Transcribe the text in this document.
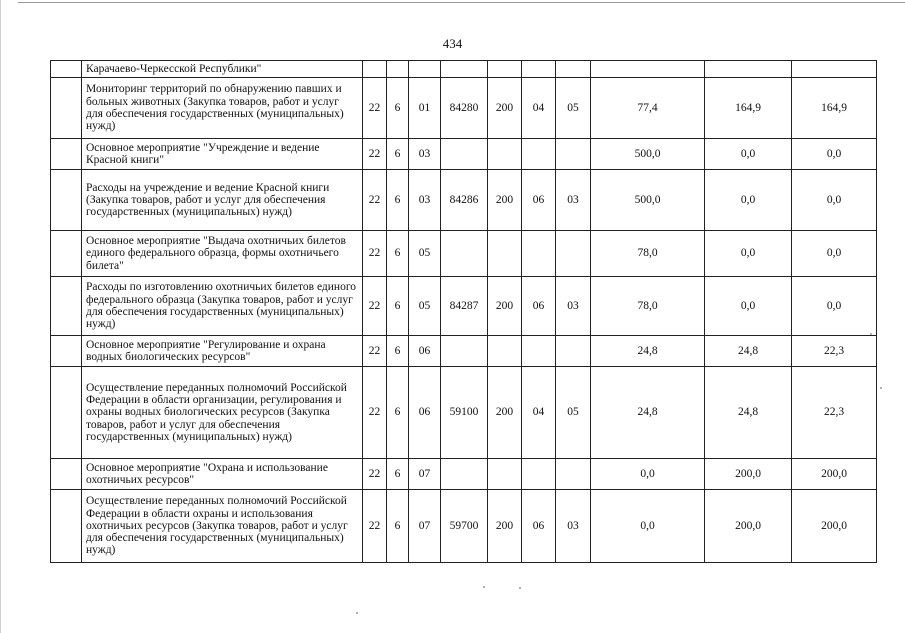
434
	Карачаево-Черкесской Республики"										
	Мониторинг территорий по обнаружению павших и больных животных (Закупка товаров, работ и услуг для обеспечения государственных (муниципальных) нужд)	22	6	01	84280	200	04	05	77,4	164,9	164,9
	Основное мероприятие "Учреждение и ведение Красной книги"	22	6	03					500,0	0,0	0,0
	Расходы на учреждение и ведение Красной книги (Закупка товаров, работ и услуг для обеспечения государственных (муниципальных) нужд)	22	6	03	84286	200	06	03	500,0	0,0	0,0
	Основное мероприятие "Выдача охотничьих билетов единого федерального образца, формы охотничьего билета"	22	6	05					78,0	0,0	0,0
	Расходы по изготовлению охотничьих билетов единого федерального образца (Закупка товаров, работ и услуг для обеспечения государственных (муниципальных) нужд)	22	6	05	84287	200	06	03	78,0	0,0	0,0
	Основное мероприятие "Регулирование и охрана водных биологических ресурсов"	22	6	06					24,8	24,8	22,3
	Осуществление переданных полномочий Российской Федерации в области организации, регулирования и охраны водных биологических ресурсов (Закупка товаров, работ и услуг для обеспечения государственных (муниципальных) нужд)	22	6	06	59100	200	04	05	24,8	24,8	22,3
	Основное мероприятие "Охрана и использование охотничьих ресурсов"	22	6	07					0,0	200,0	200,0
	Осуществление переданных полномочий Российской Федерации в области охраны и использования охотничьих ресурсов (Закупка товаров, работ и услуг для обеспечения государственных (муниципальных) нужд)	22	6	07	59700	200	06	03	0,0	200,0	200,0
